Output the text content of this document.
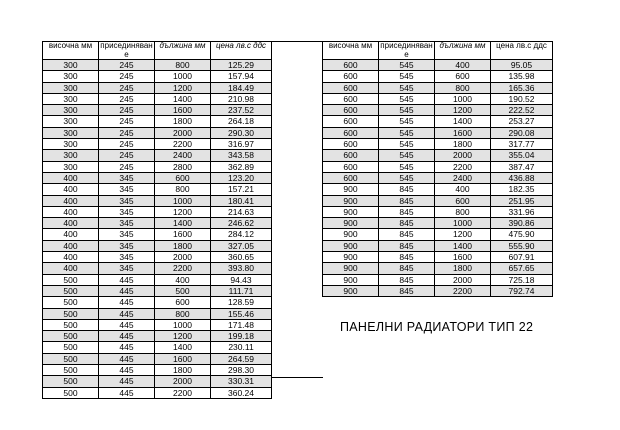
височна мм	присединяван е	дължина мм	цена лв.с ддс
300	245	800	125.29
300	245	1000	157.94
300	245	1200	184.49
300	245	1400	210.98
300	245	1600	237.52
300	245	1800	264.18
300	245	2000	290.30
300	245	2200	316.97
300	245	2400	343.58
300	245	2800	362.89
400	345	600	123.20
400	345	800	157.21
400	345	1000	180.41
400	345	1200	214.63
400	345	1400	246.62
400	345	1600	284.12
400	345	1800	327.05
400	345	2000	360.65
400	345	2200	393.80
500	445	400	94.43
500	445	500	111.71
500	445	600	128.59
500	445	800	155.46
500	445	1000	171.48
500	445	1200	199.18
500	445	1400	230.11
500	445	1600	264.59
500	445	1800	298.30
500	445	2000	330.31
500	445	2200	360.24
височна мм	присединяван е	дължина мм	цена лв.с ддс
600	545	400	95.05
600	545	600	135.98
600	545	800	165.36
600	545	1000	190.52
600	545	1200	222.52
600	545	1400	253.27
600	545	1600	290.08
600	545	1800	317.77
600	545	2000	355.04
600	545	2200	387.47
600	545	2400	436.88
900	845	400	182.35
900	845	600	251.95
900	845	800	331.96
900	845	1000	390.86
900	845	1200	475.90
900	845	1400	555.90
900	845	1600	607.91
900	845	1800	657.65
900	845	2000	725.18
900	845	2200	792.74
ПАНЕЛНИ РАДИАТОРИ ТИП 22
